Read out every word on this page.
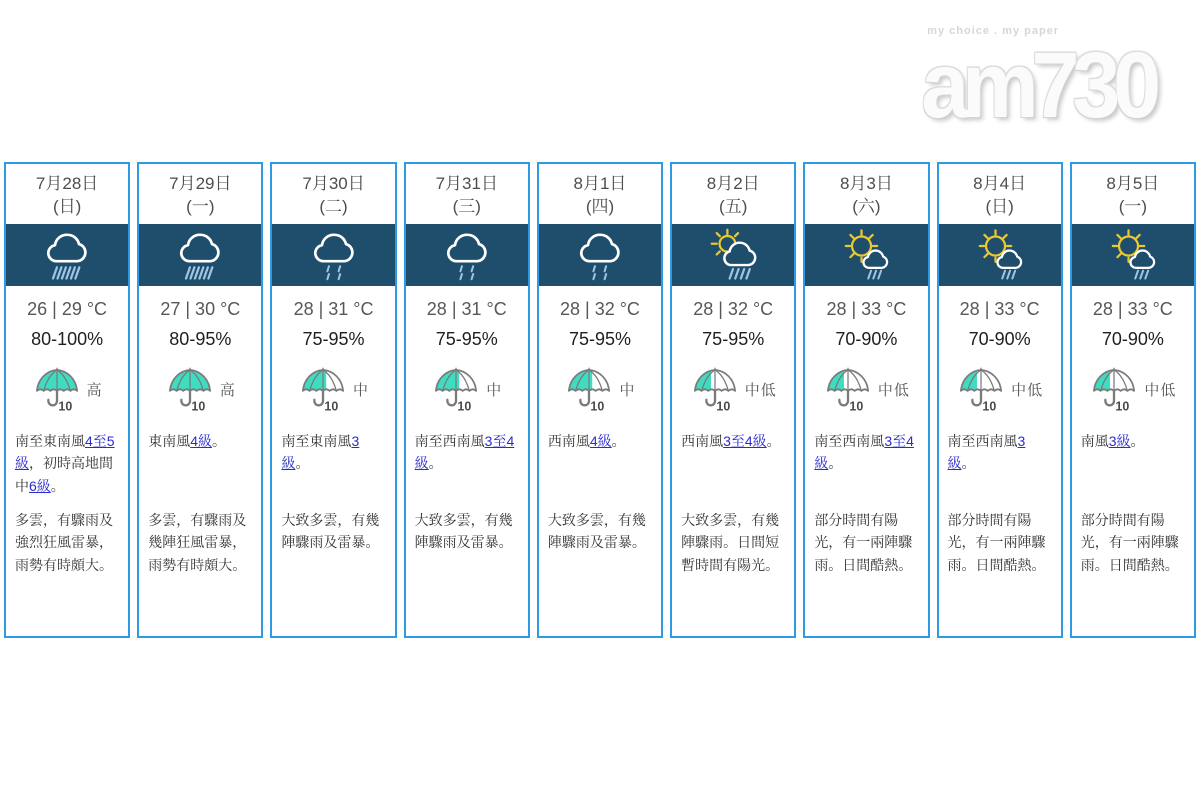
my choice . my paper
am730
7月28日
(日)
26 | 29 °C
80-100%
10
高
南至東南風4至5級，初時高地間中6級。
多雲，有驟雨及強烈狂風雷暴，雨勢有時頗大。
7月29日
(一)
27 | 30 °C
80-95%
10
高
東南風4級。
多雲，有驟雨及幾陣狂風雷暴，雨勢有時頗大。
7月30日
(二)
28 | 31 °C
75-95%
10
中
南至東南風3級。
大致多雲，有幾陣驟雨及雷暴。
7月31日
(三)
28 | 31 °C
75-95%
10
中
南至西南風3至4級。
大致多雲，有幾陣驟雨及雷暴。
8月1日
(四)
28 | 32 °C
75-95%
10
中
西南風4級。
大致多雲，有幾陣驟雨及雷暴。
8月2日
(五)
28 | 32 °C
75-95%
10
中低
西南風3至4級。
大致多雲，有幾陣驟雨。日間短暫時間有陽光。
8月3日
(六)
28 | 33 °C
70-90%
10
中低
南至西南風3至4級。
部分時間有陽光，有一兩陣驟雨。日間酷熱。
8月4日
(日)
28 | 33 °C
70-90%
10
中低
南至西南風3級。
部分時間有陽光，有一兩陣驟雨。日間酷熱。
8月5日
(一)
28 | 33 °C
70-90%
10
中低
南風3級。
部分時間有陽光，有一兩陣驟雨。日間酷熱。
